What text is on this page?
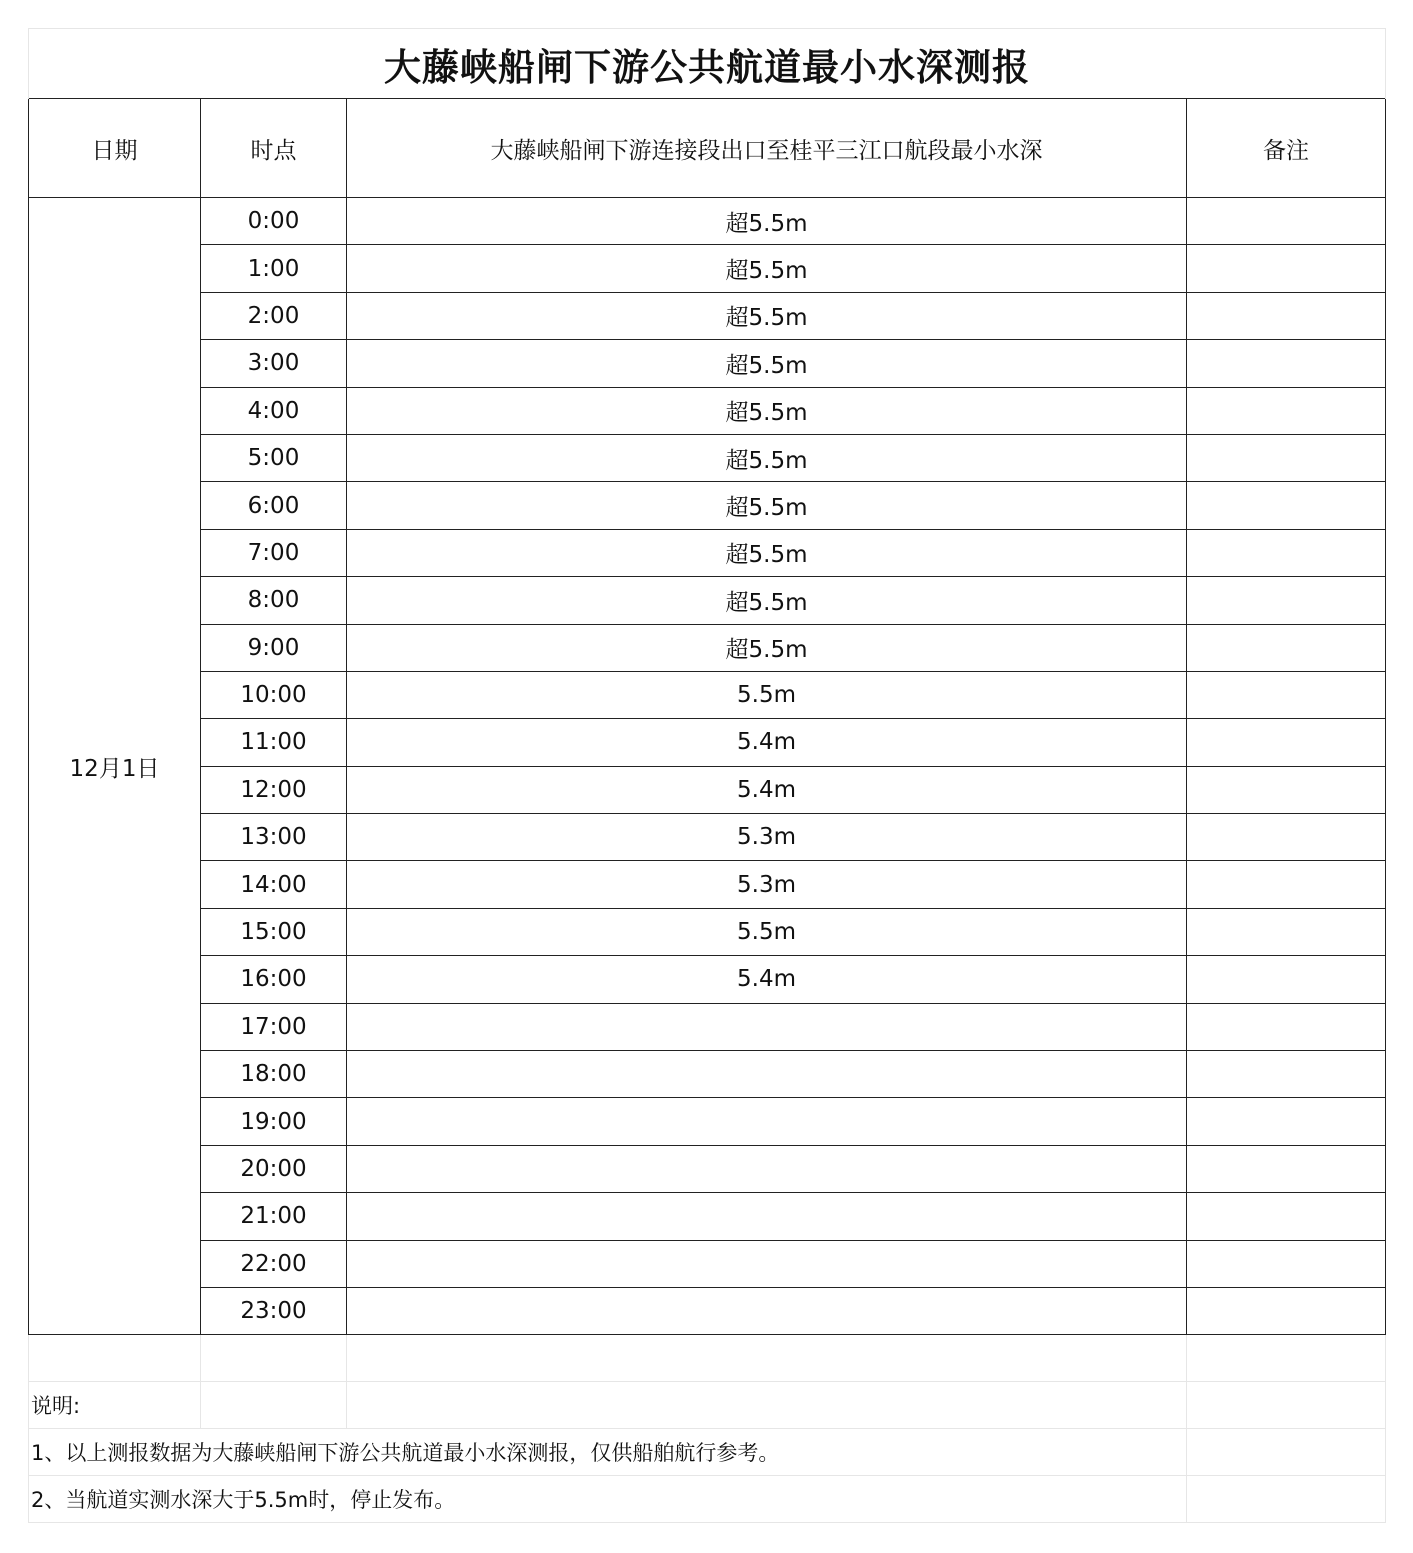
大藤峡船闸下游公共航道最小水深测报			
日期	时点	大藤峡船闸下游连接段出口至桂平三江口航段最小水深	备注
12月1日	0:00	超5.5m	
	1:00	超5.5m	
	2:00	超5.5m	
	3:00	超5.5m	
	4:00	超5.5m	
	5:00	超5.5m	
	6:00	超5.5m	
	7:00	超5.5m	
	8:00	超5.5m	
	9:00	超5.5m	
	10:00	5.5m	
	11:00	5.4m	
	12:00	5.4m	
	13:00	5.3m	
	14:00	5.3m	
	15:00	5.5m	
	16:00	5.4m	
	17:00		
	18:00		
	19:00		
	20:00		
	21:00		
	22:00		
	23:00		

说明:			
1、以上测报数据为大藤峡船闸下游公共航道最小水深测报，仅供船舶航行参考。			
2、当航道实测水深大于5.5m时，停止发布。			
